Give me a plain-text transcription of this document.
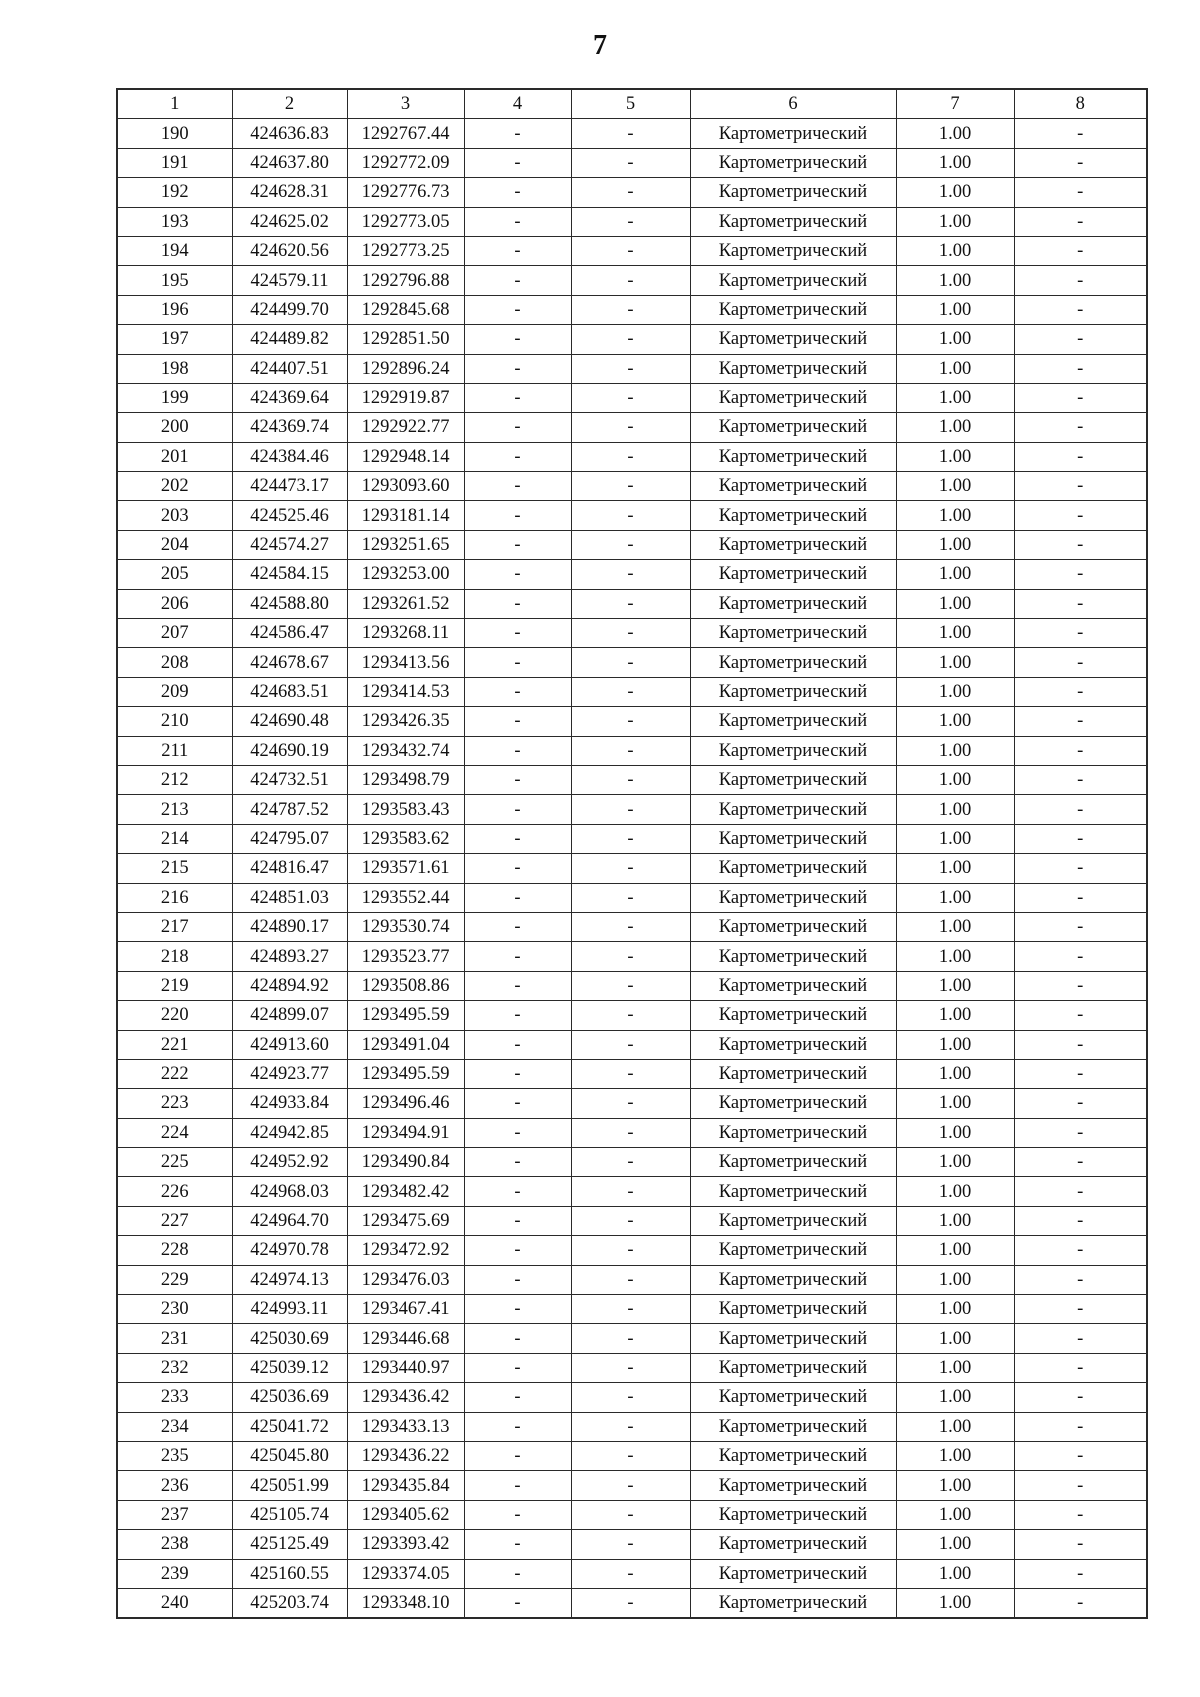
7
1	2	3	4	5	6	7	8
190	424636.83	1292767.44	-	-	Картометрический	1.00	-
191	424637.80	1292772.09	-	-	Картометрический	1.00	-
192	424628.31	1292776.73	-	-	Картометрический	1.00	-
193	424625.02	1292773.05	-	-	Картометрический	1.00	-
194	424620.56	1292773.25	-	-	Картометрический	1.00	-
195	424579.11	1292796.88	-	-	Картометрический	1.00	-
196	424499.70	1292845.68	-	-	Картометрический	1.00	-
197	424489.82	1292851.50	-	-	Картометрический	1.00	-
198	424407.51	1292896.24	-	-	Картометрический	1.00	-
199	424369.64	1292919.87	-	-	Картометрический	1.00	-
200	424369.74	1292922.77	-	-	Картометрический	1.00	-
201	424384.46	1292948.14	-	-	Картометрический	1.00	-
202	424473.17	1293093.60	-	-	Картометрический	1.00	-
203	424525.46	1293181.14	-	-	Картометрический	1.00	-
204	424574.27	1293251.65	-	-	Картометрический	1.00	-
205	424584.15	1293253.00	-	-	Картометрический	1.00	-
206	424588.80	1293261.52	-	-	Картометрический	1.00	-
207	424586.47	1293268.11	-	-	Картометрический	1.00	-
208	424678.67	1293413.56	-	-	Картометрический	1.00	-
209	424683.51	1293414.53	-	-	Картометрический	1.00	-
210	424690.48	1293426.35	-	-	Картометрический	1.00	-
211	424690.19	1293432.74	-	-	Картометрический	1.00	-
212	424732.51	1293498.79	-	-	Картометрический	1.00	-
213	424787.52	1293583.43	-	-	Картометрический	1.00	-
214	424795.07	1293583.62	-	-	Картометрический	1.00	-
215	424816.47	1293571.61	-	-	Картометрический	1.00	-
216	424851.03	1293552.44	-	-	Картометрический	1.00	-
217	424890.17	1293530.74	-	-	Картометрический	1.00	-
218	424893.27	1293523.77	-	-	Картометрический	1.00	-
219	424894.92	1293508.86	-	-	Картометрический	1.00	-
220	424899.07	1293495.59	-	-	Картометрический	1.00	-
221	424913.60	1293491.04	-	-	Картометрический	1.00	-
222	424923.77	1293495.59	-	-	Картометрический	1.00	-
223	424933.84	1293496.46	-	-	Картометрический	1.00	-
224	424942.85	1293494.91	-	-	Картометрический	1.00	-
225	424952.92	1293490.84	-	-	Картометрический	1.00	-
226	424968.03	1293482.42	-	-	Картометрический	1.00	-
227	424964.70	1293475.69	-	-	Картометрический	1.00	-
228	424970.78	1293472.92	-	-	Картометрический	1.00	-
229	424974.13	1293476.03	-	-	Картометрический	1.00	-
230	424993.11	1293467.41	-	-	Картометрический	1.00	-
231	425030.69	1293446.68	-	-	Картометрический	1.00	-
232	425039.12	1293440.97	-	-	Картометрический	1.00	-
233	425036.69	1293436.42	-	-	Картометрический	1.00	-
234	425041.72	1293433.13	-	-	Картометрический	1.00	-
235	425045.80	1293436.22	-	-	Картометрический	1.00	-
236	425051.99	1293435.84	-	-	Картометрический	1.00	-
237	425105.74	1293405.62	-	-	Картометрический	1.00	-
238	425125.49	1293393.42	-	-	Картометрический	1.00	-
239	425160.55	1293374.05	-	-	Картометрический	1.00	-
240	425203.74	1293348.10	-	-	Картометрический	1.00	-
